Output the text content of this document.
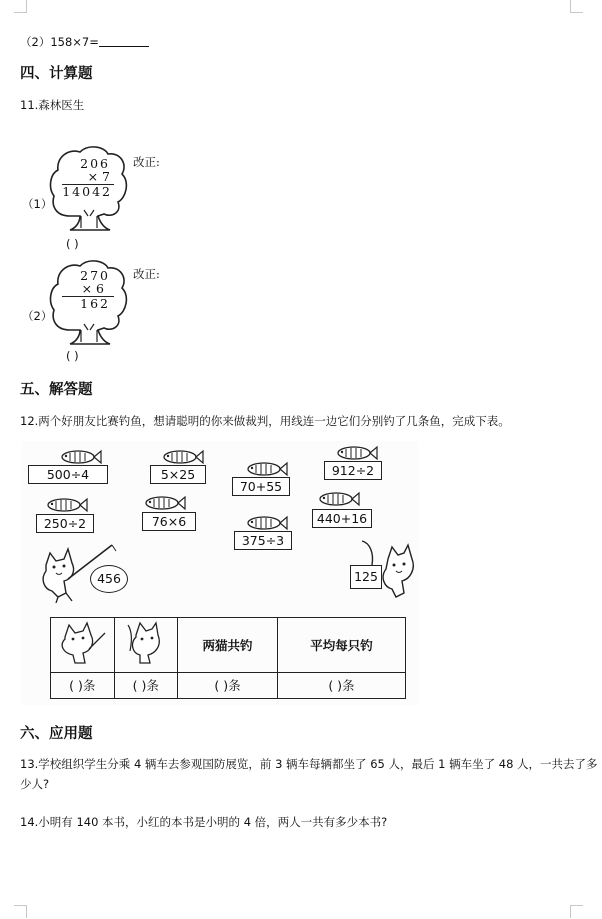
（2）158×7=
四、计算题
11.森林医生
（1）
206
× 7
14042
改正:
( )
（2）
270
× 6
162
改正:
( )
五、解答题
12.两个好朋友比赛钓鱼，想请聪明的你来做裁判，用线连一边它们分别钓了几条鱼，完成下表。
500÷4	5×25
70+55
912÷2
250÷2	76×6
375÷3
440+16
456	125
		两猫共钓	平均每只钓
( )条	( )条	( )条	( )条
六、应用题
13.学校组织学生分乘 4 辆车去参观国防展览，前 3 辆车每辆都坐了 65 人，最后 1 辆车坐了 48 人，一共去了多少人?
14.小明有 140 本书，小红的本书是小明的 4 倍，两人一共有多少本书?
